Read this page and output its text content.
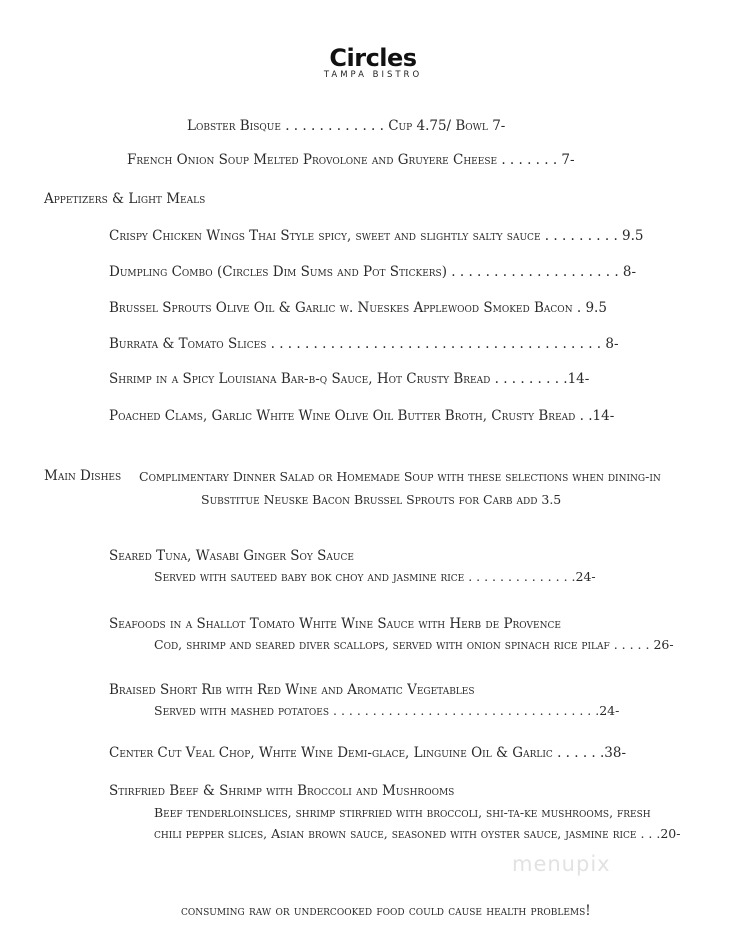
Circles
TAMPA BISTRO
Lobster Bisque . . . . . . . . . . . . Cup 4.75/ Bowl 7-
French Onion Soup Melted Provolone and Gruyere Cheese . . . . . . . 7-
Appetizers & Light Meals
Crispy Chicken Wings Thai Style spicy, sweet and slightly salty sauce . . . . . . . . . 9.5
Dumpling Combo (Circles Dim Sums and Pot Stickers) . . . . . . . . . . . . . . . . . . . . 8-
Brussel Sprouts Olive Oil & Garlic w. Nueskes Applewood Smoked Bacon . 9.5
Burrata & Tomato Slices . . . . . . . . . . . . . . . . . . . . . . . . . . . . . . . . . . . . . . . 8-
Shrimp in a Spicy Louisiana Bar-b-q Sauce, Hot Crusty Bread . . . . . . . . .14-
Poached Clams, Garlic White Wine Olive Oil Butter Broth, Crusty Bread . .14-
Main Dishes Complimentary Dinner Salad or Homemade Soup with these selections when dining-in
Substitue Neuske Bacon Brussel Sprouts for Carb add 3.5
Seared Tuna, Wasabi Ginger Soy Sauce
Served with sauteed baby bok choy and jasmine rice . . . . . . . . . . . . . .24-
Seafoods in a Shallot Tomato White Wine Sauce with Herb de Provence
Cod, shrimp and seared diver scallops, served with onion spinach rice pilaf . . . . . 26-
Braised Short Rib with Red Wine and Aromatic Vegetables
Served with mashed potatoes . . . . . . . . . . . . . . . . . . . . . . . . . . . . . . . . . .24-
Center Cut Veal Chop, White Wine Demi-glace, Linguine Oil & Garlic . . . . . .38-
Stirfried Beef & Shrimp with Broccoli and Mushrooms
Beef tenderloinslices, shrimp stirfried with broccoli, shi-ta-ke mushrooms, fresh
chili pepper slices, Asian brown sauce, seasoned with oyster sauce, jasmine rice . . .20-
menupix
consuming raw or undercooked food could cause health problems!
